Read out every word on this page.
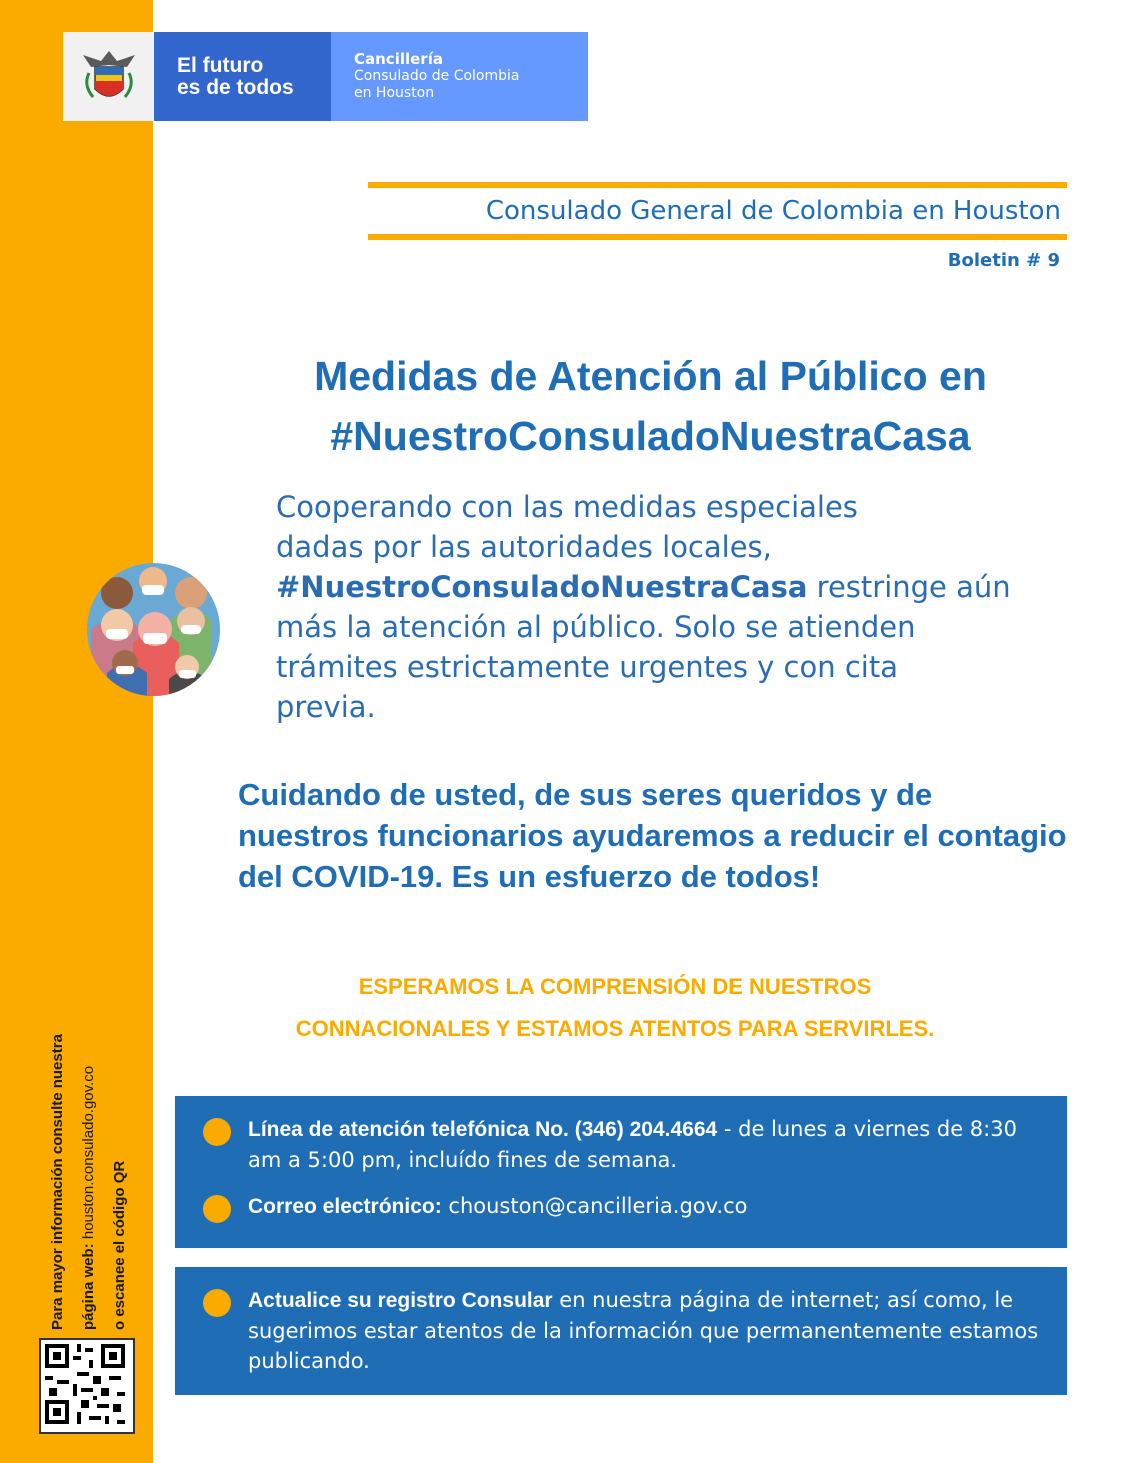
Para mayor información consulte nuestra página web: houston.consulado.gov.co
o escanee el código QR
El futuro
es de todos
Cancillería
Consulado de Colombia
en Houston
Consulado General de Colombia en Houston
Boletin # 9
Medidas de Atención al Público en
#NuestroConsuladoNuestraCasa
Cooperando con las medidas especiales
dadas por las autoridades locales,
#NuestroConsuladoNuestraCasa restringe aún
más la atención al público. Solo se atienden
trámites estrictamente urgentes y con cita
previa.
Cuidando de usted, de sus seres queridos y de nuestros funcionarios ayudaremos a reducir el contagio del COVID-19. Es un esfuerzo de todos!
ESPERAMOS LA COMPRENSIÓN DE NUESTROS
CONNACIONALES Y ESTAMOS ATENTOS PARA SERVIRLES.
Línea de atención telefónica No. (346) 204.4664 - de lunes a viernes de 8:30 am a 5:00 pm, incluído fines de semana.
Correo electrónico: chouston@cancilleria.gov.co
Actualice su registro Consular en nuestra página de internet; así como, le sugerimos estar atentos de la información que permanentemente estamos publicando.
